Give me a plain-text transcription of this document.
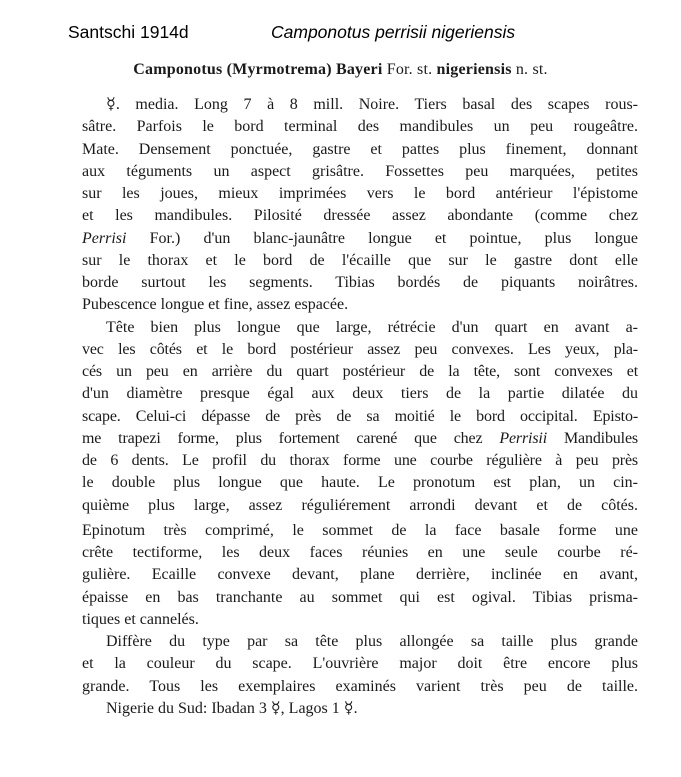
Santschi 1914d	Camponotus perrisii nigeriensis
Camponotus (Myrmotrema) Bayeri For. st. nigeriensis n. st.
☿. media. Long 7 à 8 mill. Noire. Tiers basal des scapes rous-
sâtre. Parfois le bord terminal des mandibules un peu rougeâtre.
Mate. Densement ponctuée, gastre et pattes plus finement, donnant
aux téguments un aspect grisâtre. Fossettes peu marquées, petites
sur les joues, mieux imprimées vers le bord antérieur l'épistome
et les mandibules. Pilosité dressée assez abondante (comme chez
Perrisi For.) d'un blanc-jaunâtre longue et pointue, plus longue
sur le thorax et le bord de l'écaille que sur le gastre dont elle
borde surtout les segments. Tibias bordés de piquants noirâtres.
Pubescence longue et fine, assez espacée.
Tête bien plus longue que large, rétrécie d'un quart en avant a-
vec les côtés et le bord postérieur assez peu convexes. Les yeux, pla-
cés un peu en arrière du quart postérieur de la tête, sont convexes et
d'un diamètre presque égal aux deux tiers de la partie dilatée du
scape. Celui-ci dépasse de près de sa moitié le bord occipital. Episto-
me trapezi forme, plus fortement carené que chez Perrisii Mandibules
de 6 dents. Le profil du thorax forme une courbe régulière à peu près
le double plus longue que haute. Le pronotum est plan, un cin-
quième plus large, assez réguliérement arrondi devant et de côtés.
Epinotum très comprimé, le sommet de la face basale forme une
crête tectiforme, les deux faces réunies en une seule courbe ré-
gulière. Ecaille convexe devant, plane derrière, inclinée en avant,
épaisse en bas tranchante au sommet qui est ogival. Tibias prisma-
tiques et cannelés.
Diffère du type par sa tête plus allongée sa taille plus grande
et la couleur du scape. L'ouvrière major doit être encore plus
grande. Tous les exemplaires examinés varient très peu de taille.
Nigerie du Sud: Ibadan 3 ☿, Lagos 1 ☿.
